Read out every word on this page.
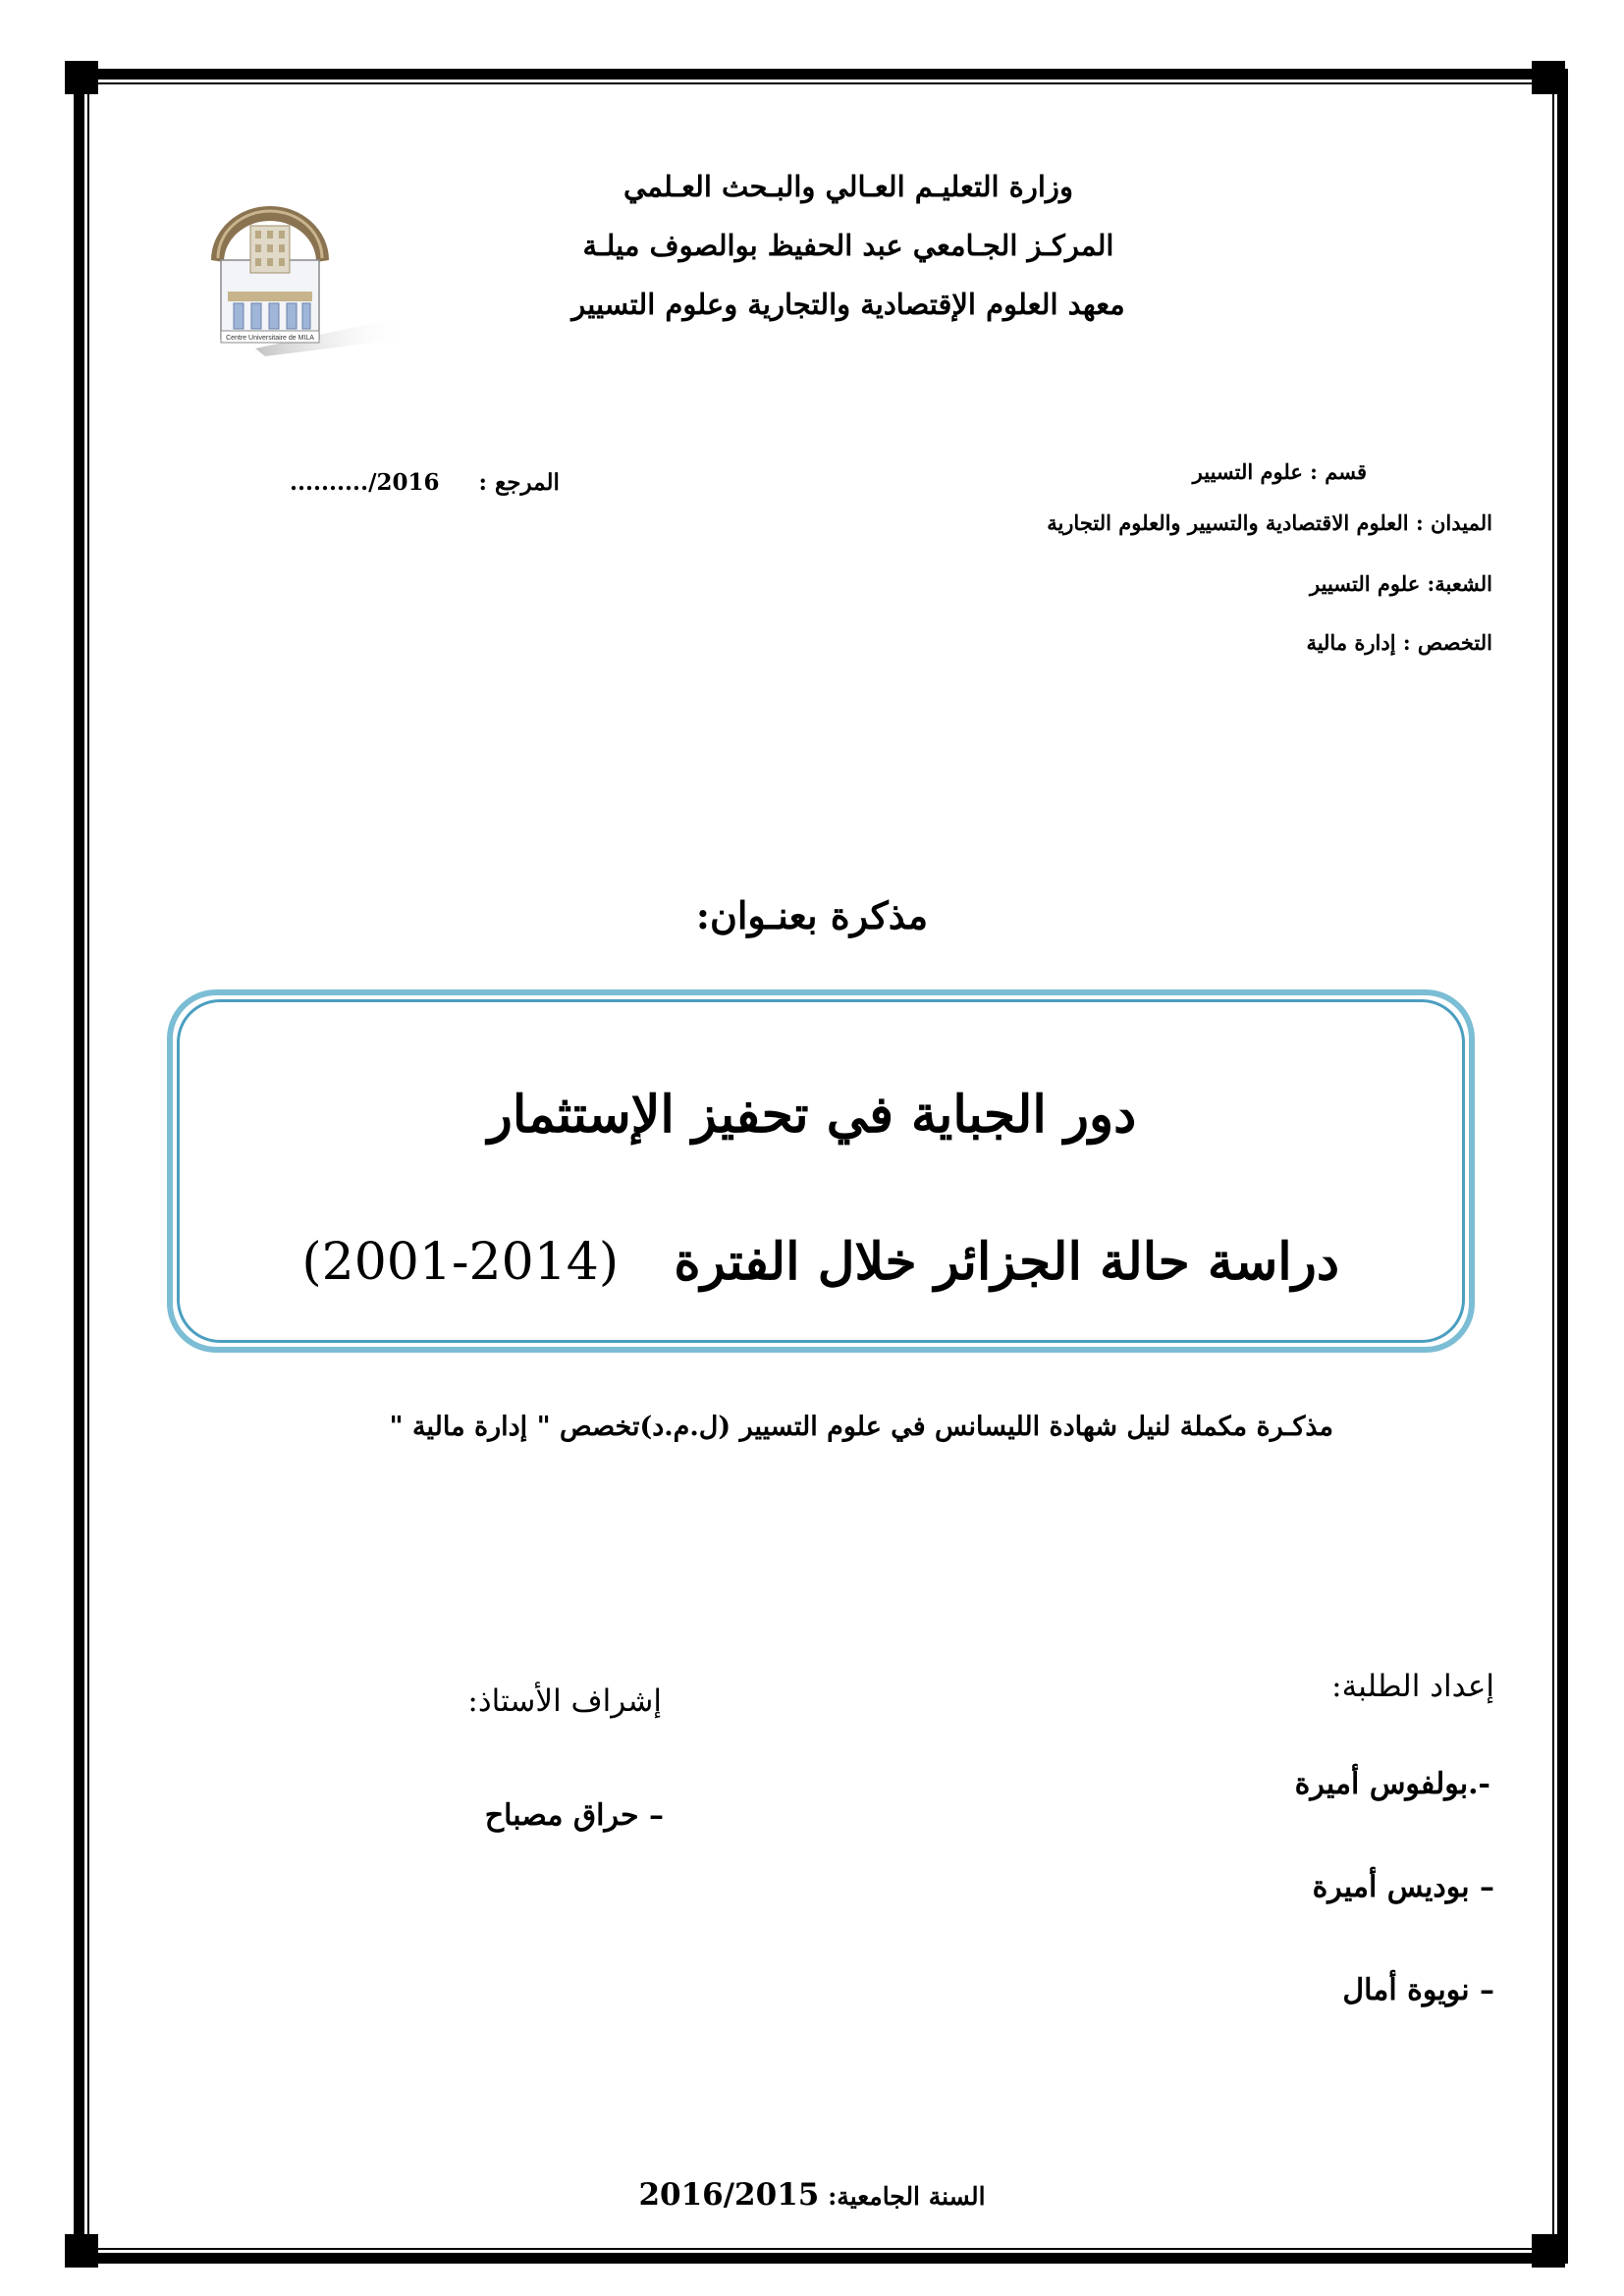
وزارة التعليـم العـالي والبـحث العـلمي
المركـز الجـامعي عبد الحفيظ بوالصوف ميلـة
معهد العلوم الإقتصادية والتجارية وعلوم التسيير
Centre Universitaire de MILA
قسم : علوم التسيير
الميدان : العلوم الاقتصادية والتسيير والعلوم التجارية
الشعبة: علوم التسيير
التخصص : إدارة مالية
........../2016 المرجع :
مذكرة بعنـوان:
دور الجباية في تحفيز الإستثمار
(2001-2014) دراسة حالة الجزائر خلال الفترة
مذكـرة مكملة لنيل شهادة الليسانس في علوم التسيير (ل.م.د)تخصص " إدارة مالية "
إعداد الطلبة:
-.بولفوس أميرة
– بوديس أميرة
– نويوة أمال
إشراف الأستاذ:
– حراق مصباح
2016/2015 السنة الجامعية:
